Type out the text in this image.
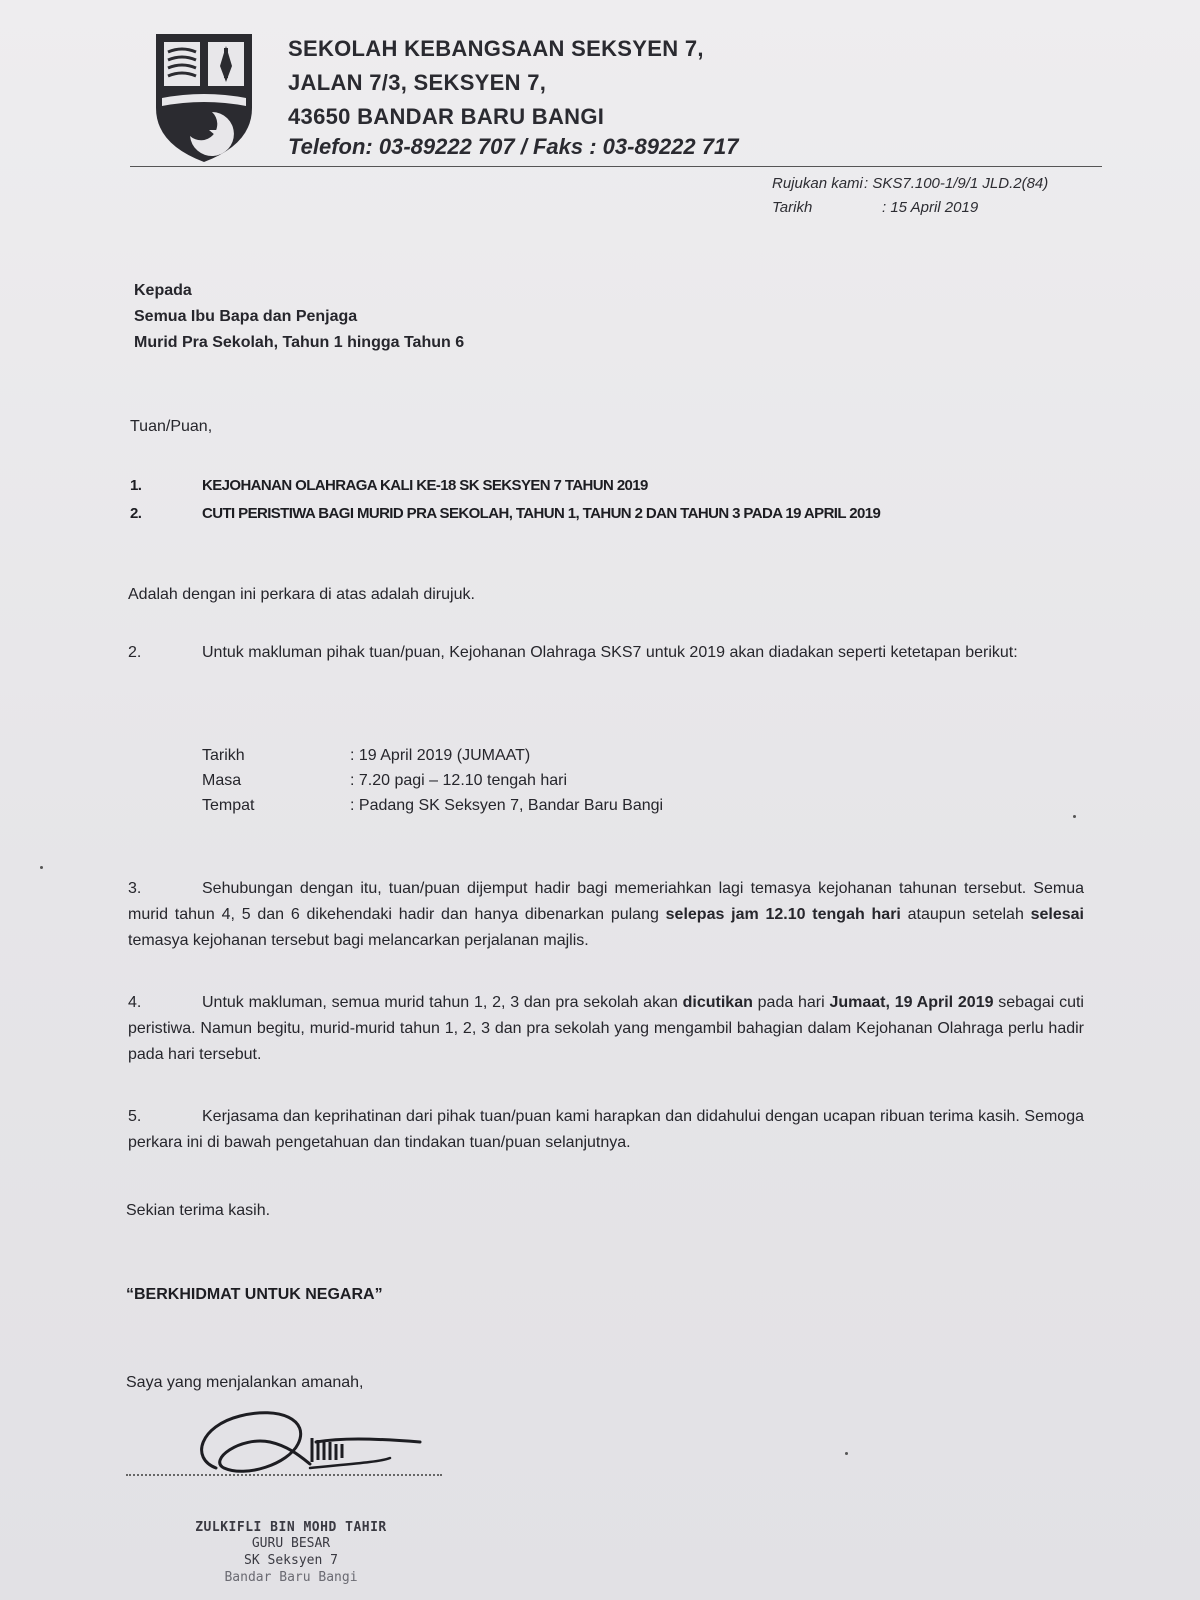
SEKOLAH KEBANGSAAN SEKSYEN 7,
JALAN 7/3, SEKSYEN 7,
43650 BANDAR BARU BANGI
Telefon: 03-89222 707 / Faks : 03-89222 717
Rujukan kami : SKS7.100-1/9/1 JLD.2(84)
Tarikh	: 15 April 2019
Kepada
Semua Ibu Bapa dan Penjaga
Murid Pra Sekolah, Tahun 1 hingga Tahun 6
Tuan/Puan,
1.	KEJOHANAN OLAHRAGA KALI KE-18 SK SEKSYEN 7 TAHUN 2019
2.	CUTI PERISTIWA BAGI MURID PRA SEKOLAH, TAHUN 1, TAHUN 2 DAN TAHUN 3 PADA 19 APRIL 2019
Adalah dengan ini perkara di atas adalah dirujuk.
2.	Untuk makluman pihak tuan/puan, Kejohanan Olahraga SKS7 untuk 2019 akan diadakan seperti ketetapan berikut:
Tarikh	: 19 April 2019 (JUMAAT)
Masa	: 7.20 pagi – 12.10 tengah hari
Tempat	: Padang SK Seksyen 7, Bandar Baru Bangi
3.	Sehubungan dengan itu, tuan/puan dijemput hadir bagi memeriahkan lagi temasya kejohanan tahunan tersebut. Semua murid tahun 4, 5 dan 6 dikehendaki hadir dan hanya dibenarkan pulang selepas jam 12.10 tengah hari ataupun setelah selesai temasya kejohanan tersebut bagi melancarkan perjalanan majlis.
4.	Untuk makluman, semua murid tahun 1, 2, 3 dan pra sekolah akan dicutikan pada hari Jumaat, 19 April 2019 sebagai cuti peristiwa. Namun begitu, murid-murid tahun 1, 2, 3 dan pra sekolah yang mengambil bahagian dalam Kejohanan Olahraga perlu hadir pada hari tersebut.
5.	Kerjasama dan keprihatinan dari pihak tuan/puan kami harapkan dan didahului dengan ucapan ribuan terima kasih. Semoga perkara ini di bawah pengetahuan dan tindakan tuan/puan selanjutnya.
Sekian terima kasih.
“BERKHIDMAT UNTUK NEGARA”
Saya yang menjalankan amanah,
ZULKIFLI BIN MOHD TAHIR
GURU BESAR
SK Seksyen 7
Bandar Baru Bangi
